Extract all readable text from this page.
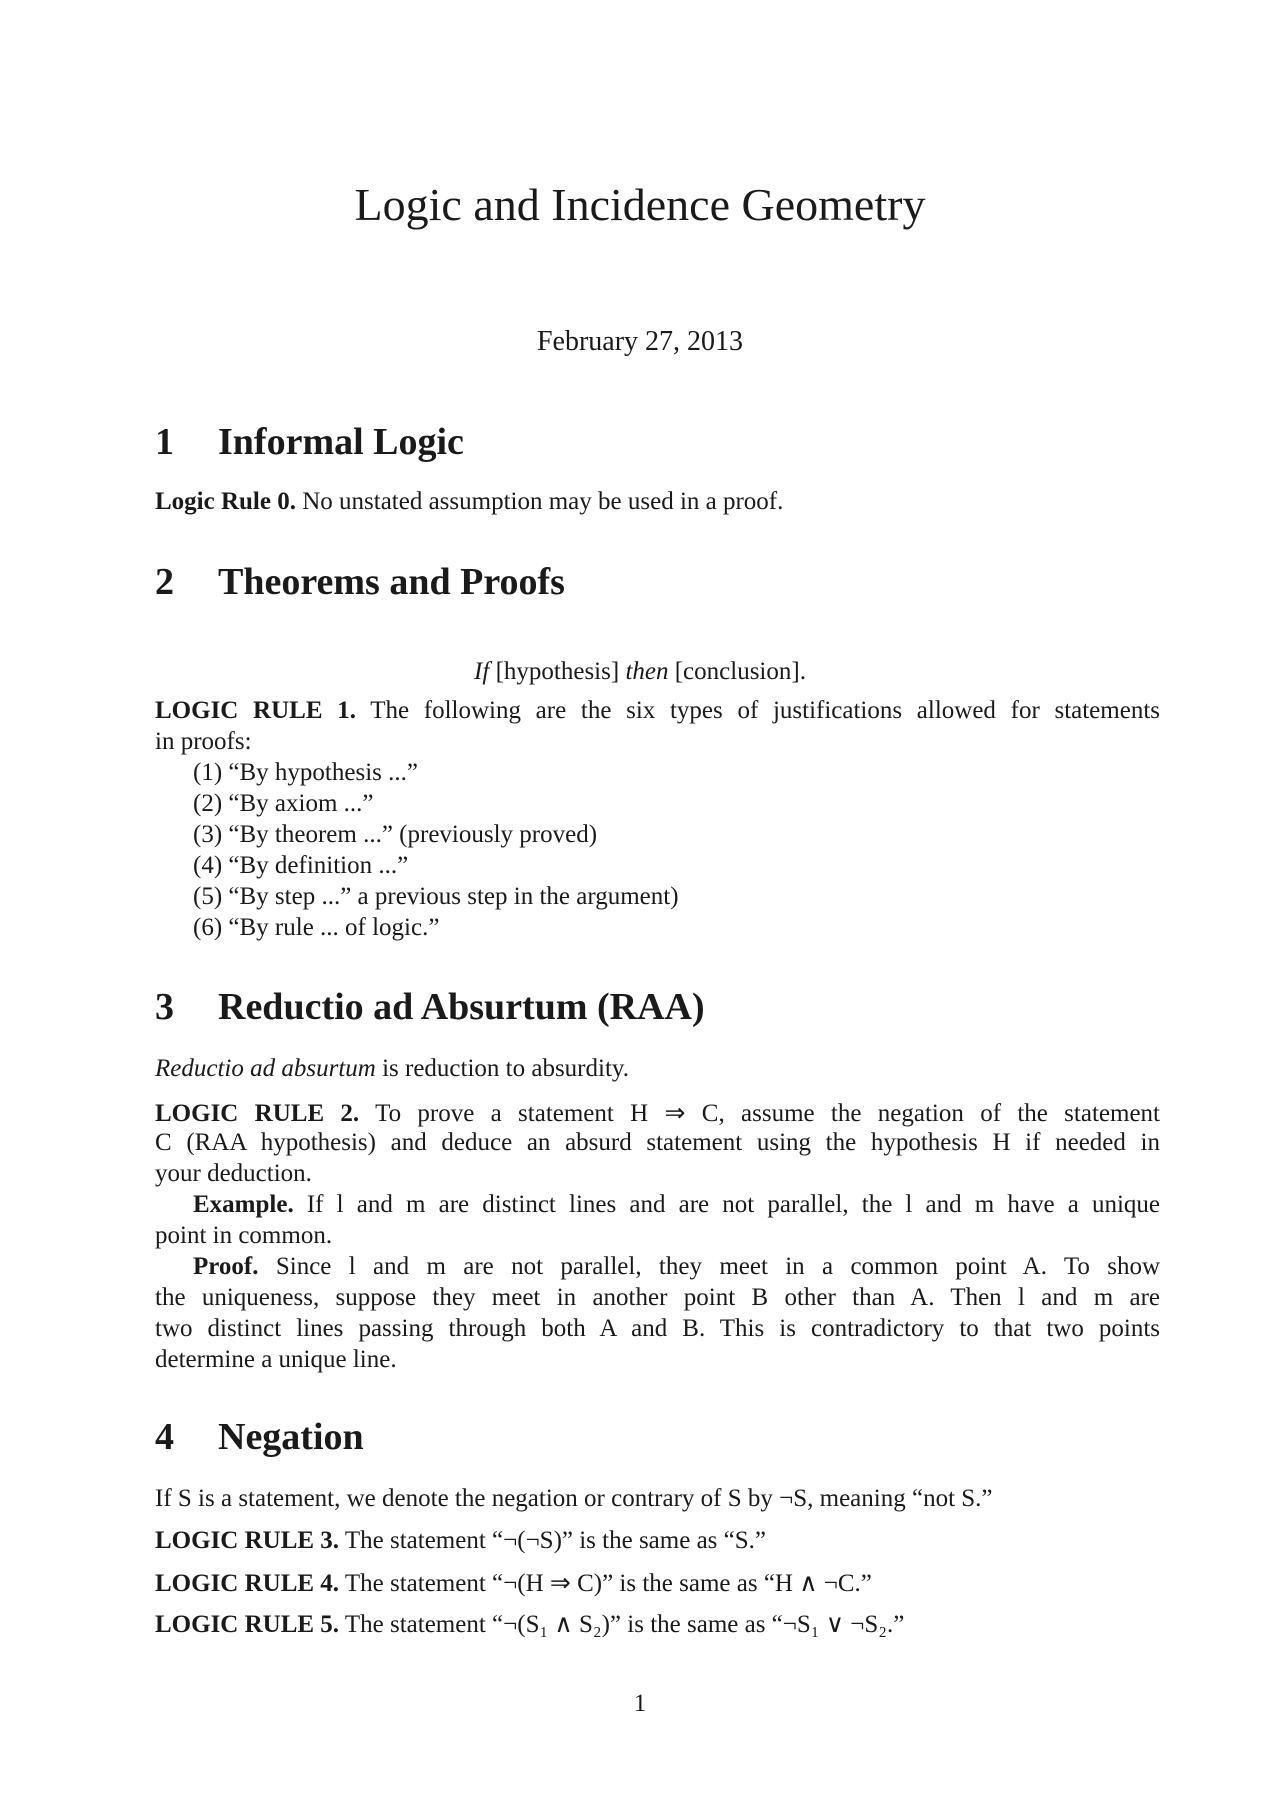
Logic and Incidence Geometry
February 27, 2013
1 Informal Logic
Logic Rule 0. No unstated assumption may be used in a proof.
2 Theorems and Proofs
If [hypothesis] then [conclusion].
LOGIC RULE 1. The following are the six types of justifications allowed for statements
in proofs:
(1) “By hypothesis ...”
(2) “By axiom ...”
(3) “By theorem ...” (previously proved)
(4) “By definition ...”
(5) “By step ...” a previous step in the argument)
(6) “By rule ... of logic.”
3 Reductio ad Absurtum (RAA)
Reductio ad absurtum is reduction to absurdity.
LOGIC RULE 2. To prove a statement H ⇒ C, assume the negation of the statement
C (RAA hypothesis) and deduce an absurd statement using the hypothesis H if needed in
your deduction.
Example. If l and m are distinct lines and are not parallel, the l and m have a unique
point in common.
Proof. Since l and m are not parallel, they meet in a common point A. To show
the uniqueness, suppose they meet in another point B other than A. Then l and m are
two distinct lines passing through both A and B. This is contradictory to that two points
determine a unique line.
4 Negation
If S is a statement, we denote the negation or contrary of S by ¬S, meaning “not S.”
LOGIC RULE 3. The statement “¬(¬S)” is the same as “S.”
LOGIC RULE 4. The statement “¬(H ⇒ C)” is the same as “H ∧ ¬C.”
LOGIC RULE 5. The statement “¬(S₁ ∧ S₂)” is the same as “¬S₁ ∨ ¬S₂.”
1
